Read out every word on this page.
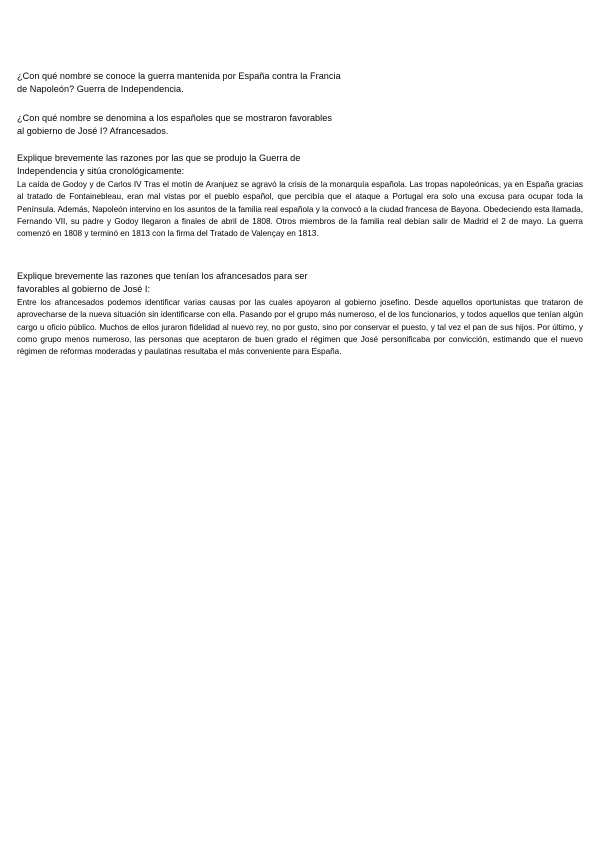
¿Con qué nombre se conoce la guerra mantenida por España contra la Francia
de Napoleón? Guerra de Independencia.

¿Con qué nombre se denomina a los españoles que se mostraron favorables
al gobierno de José I? Afrancesados.

Explique brevemente las razones por las que se produjo la Guerra de
Independencia y sitúa cronológicamente:

La caída de Godoy y de Carlos IV Tras el motín de Aranjuez se agravó la crisis de la monarquía española. Las tropas napoleónicas, ya en España gracias al tratado de Fontainebleau, eran mal vistas por el pueblo español, que percibía que el ataque a Portugal era solo una excusa para ocupar toda la Península. Además, Napoleón intervino en los asuntos de la familia real española y la convocó a la ciudad francesa de Bayona. Obedeciendo esta llamada, Fernando VII, su padre y Godoy llegaron a finales de abril de 1808. Otros miembros de la familia real debían salir de Madrid el 2 de mayo. La guerra comenzó en 1808 y terminó en 1813 con la firma del Tratado de Valençay en 1813.

Explique brevemente las razones que tenían los afrancesados para ser
favorables al gobierno de José I:

Entre los afrancesados podemos identificar varias causas por las cuales apoyaron al gobierno josefino. Desde aquellos oportunistas que trataron de aprovecharse de la nueva situación sin identificarse con ella. Pasando por el grupo más numeroso, el de los funcionarios, y todos aquellos que tenían algún cargo u oficio público. Muchos de ellos juraron fidelidad al nuevo rey, no por gusto, sino por conservar el puesto, y tal vez el pan de sus hijos. Por último, y como grupo menos numeroso, las personas que aceptaron de buen grado el régimen que José personificaba por convicción, estimando que el nuevo régimen de reformas moderadas y paulatinas resultaba el más conveniente para España.
